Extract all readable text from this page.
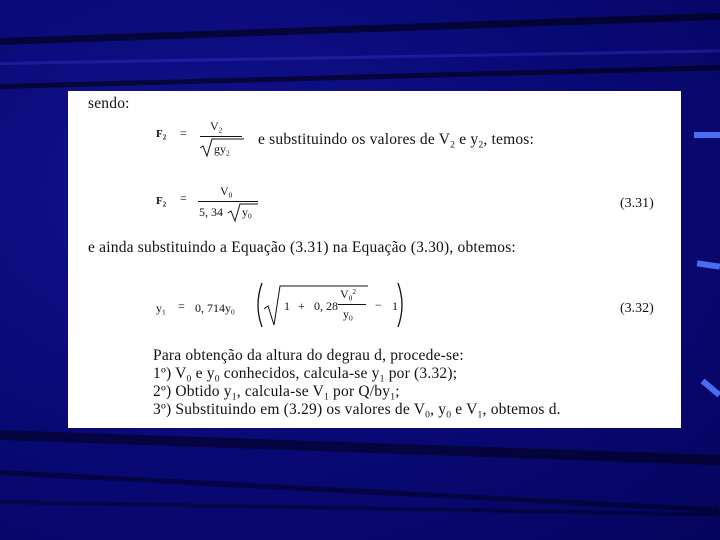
sendo:
$F_2 = V_2$
$gy_2$
e substituindo os valores de $V_2$ e $y_2$, temos:
$F_2$ =	$V_0$
5, 34 $y_0$
(3.31)
e ainda substituindo a Equação (3.31) na Equação (3.30), obtemos:
$y_1 = 0$, $714y_0$	1 + 0, 28
$V_0^2$
$y_0$
− 1	(3.32)
Para obtenção da altura do degrau d, procede-se:
1º) $V_0$ e $y_0$ conhecidos, calcula-se $y_1$ por (3.32);
2º) Obtido $y_1$, calcula-se $V_1$ por $Q/by_1$;
3º) Substituindo em (3.29) os valores de $V_0$, $y_0$ e $V_1$, obtemos d.
